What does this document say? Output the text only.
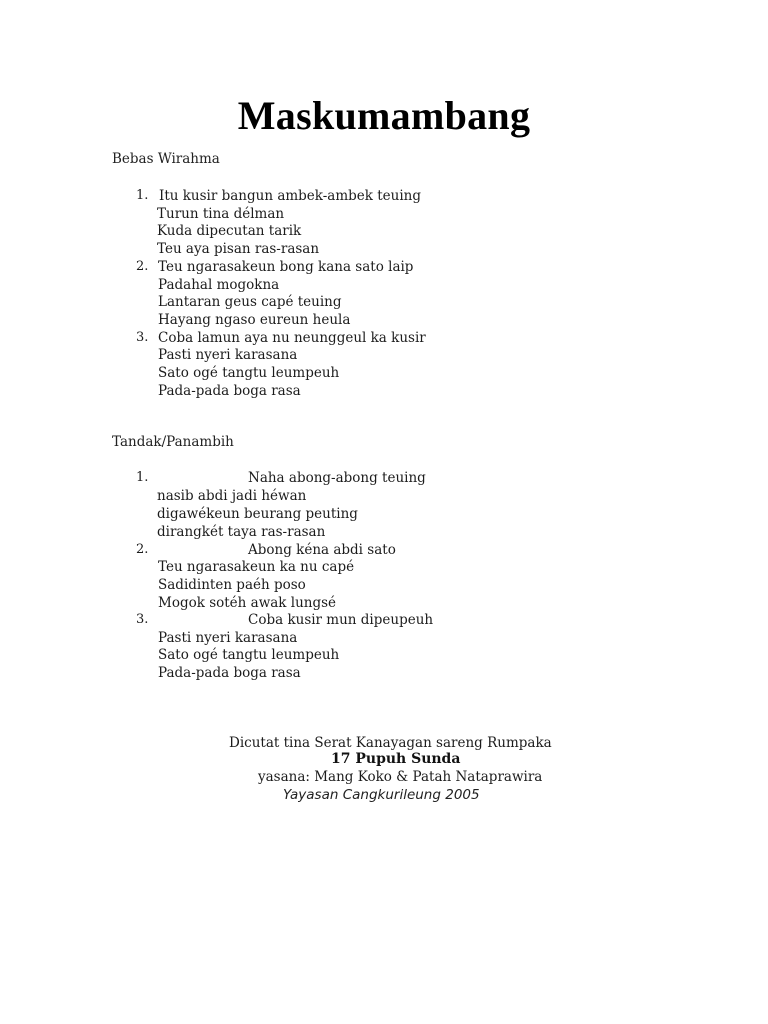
Maskumambang
Bebas Wirahma
1. Itu kusir bangun ambek-ambek teuing
Turun tina délman
Kuda dipecutan tarik
Teu aya pisan ras-rasan
2. Teu ngarasakeun bong kana sato laip
Padahal mogokna
Lantaran geus capé teuing
Hayang ngaso eureun heula
3. Coba lamun aya nu neunggeul ka kusir
Pasti nyeri karasana
Sato ogé tangtu leumpeuh
Pada-pada boga rasa
Tandak/Panambih
1.	Naha abong-abong teuing
nasib abdi jadi héwan
digawékeun beurang peuting
dirangkét taya ras-rasan
2.	Abong kéna abdi sato
Teu ngarasakeun ka nu capé
Sadidinten paéh poso
Mogok sotéh awak lungsé
3.	Coba kusir mun dipeupeuh
Pasti nyeri karasana
Sato ogé tangtu leumpeuh
Pada-pada boga rasa
Dicutat tina Serat Kanayagan sareng Rumpaka
17 Pupuh Sunda
yasana: Mang Koko & Patah Nataprawira
Yayasan Cangkurileung 2005
